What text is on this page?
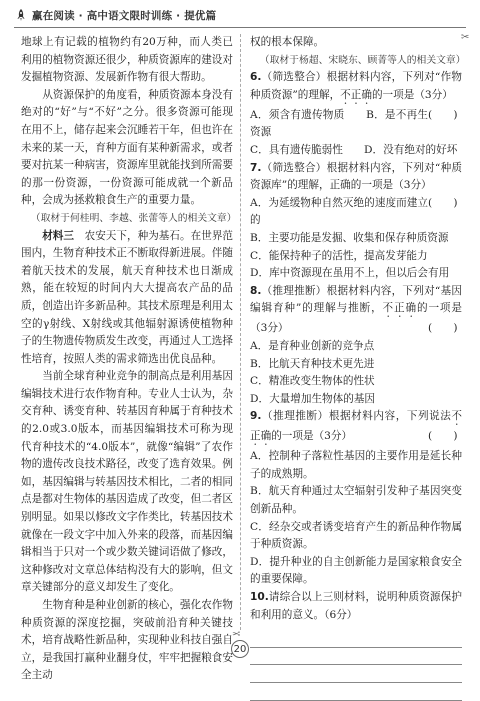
赢在阅读 · 高中语文限时训练 · 提优篇

地球上有记载的植物约有20万种，而人类已利用的植物资源还很少，种质资源库的建设对发掘植物资源、发展新作物有很大帮助。

从资源保护的角度看，种质资源本身没有绝对的“好”与“不好”之分。很多资源可能现在用不上，储存起来会沉睡若干年，但也许在未来的某一天，育种方面有某种新需求，或者要对抗某一种病害，资源库里就能找到所需要的那一份资源，一份资源可能成就一个新品种，会成为拯救粮食生产的重要力量。

（取材于何桂明、李越、张蕾等人的相关文章）

材料三　农安天下，种为基石。在世界范围内，生物育种技术正不断取得新进展。伴随着航天技术的发展，航天育种技术也日渐成熟，能在较短的时间内大大提高农产品的品质，创造出许多新品种。其技术原理是利用太空的γ射线、X射线或其他辐射源诱使植物种子的生物遗传物质发生改变，再通过人工选择性培育，按照人类的需求筛选出优良品种。

当前全球育种业竞争的制高点是利用基因编辑技术进行农作物育种。专业人士认为，杂交育种、诱变育种、转基因育种属于育种技术的2.0或3.0版本，而基因编辑技术可称为现代育种技术的“4.0版本”，就像“编辑”了农作物的遗传改良技术路径，改变了选育效果。例如，基因编辑与转基因技术相比，二者的相同点是都对生物体的基因造成了改变，但二者区别明显。如果以修改文字作类比，转基因技术就像在一段文字中加入外来的段落，而基因编辑相当于只对一个或少数关键词语做了修改，这种修改对文章总体结构没有大的影响，但文章关键部分的意义却发生了变化。

生物育种是种业创新的核心，强化农作物种质资源的深度挖掘，突破前沿育种关键技术，培育战略性新品种，实现种业科技自强自立，是我国打赢种业翻身仗，牢牢把握粮食安全主动

✂
✂

权的根本保障。

（取材于杨超、宋晓东、顾菁等人的相关文章）

6.（筛选整合）根据材料内容，下列对“作物种质资源”的理解，不正确的一项是（3分）
(　　)

A．须含有遗传物质　　B．是不再生资源

C．具有遗传脆弱性　　D．没有绝对的好坏

7.（筛选整合）根据材料内容，下列对“种质资源库”的理解，正确的一项是（3分）
(　　)

A．为延缓物种自然灭绝的速度而建立的

B．主要功能是发掘、收集和保存种质资源

C．能保持种子的活性，提高发芽能力

D．库中资源现在虽用不上，但以后会有用

8.（推理推断）根据材料内容，下列对“基因编辑育种”的理解与推断，不正确的一项是（3分）	(　　)

A．是育种业创新的竞争点

B．比航天育种技术更先进

C．精准改变生物体的性状

D．大量增加生物体的基因

9.（推理推断）根据材料内容，下列说法不正确的一项是（3分）	(　　)

A．控制种子落粒性基因的主要作用是延长种子的成熟期。

B．航天育种通过太空辐射引发种子基因突变创新品种。

C．经杂交或者诱变培育产生的新品种作物属于种质资源。

D．提升种业的自主创新能力是国家粮食安全的重要保障。

10.请综合以上三则材料，说明种质资源保护和利用的意义。（6分）

20
